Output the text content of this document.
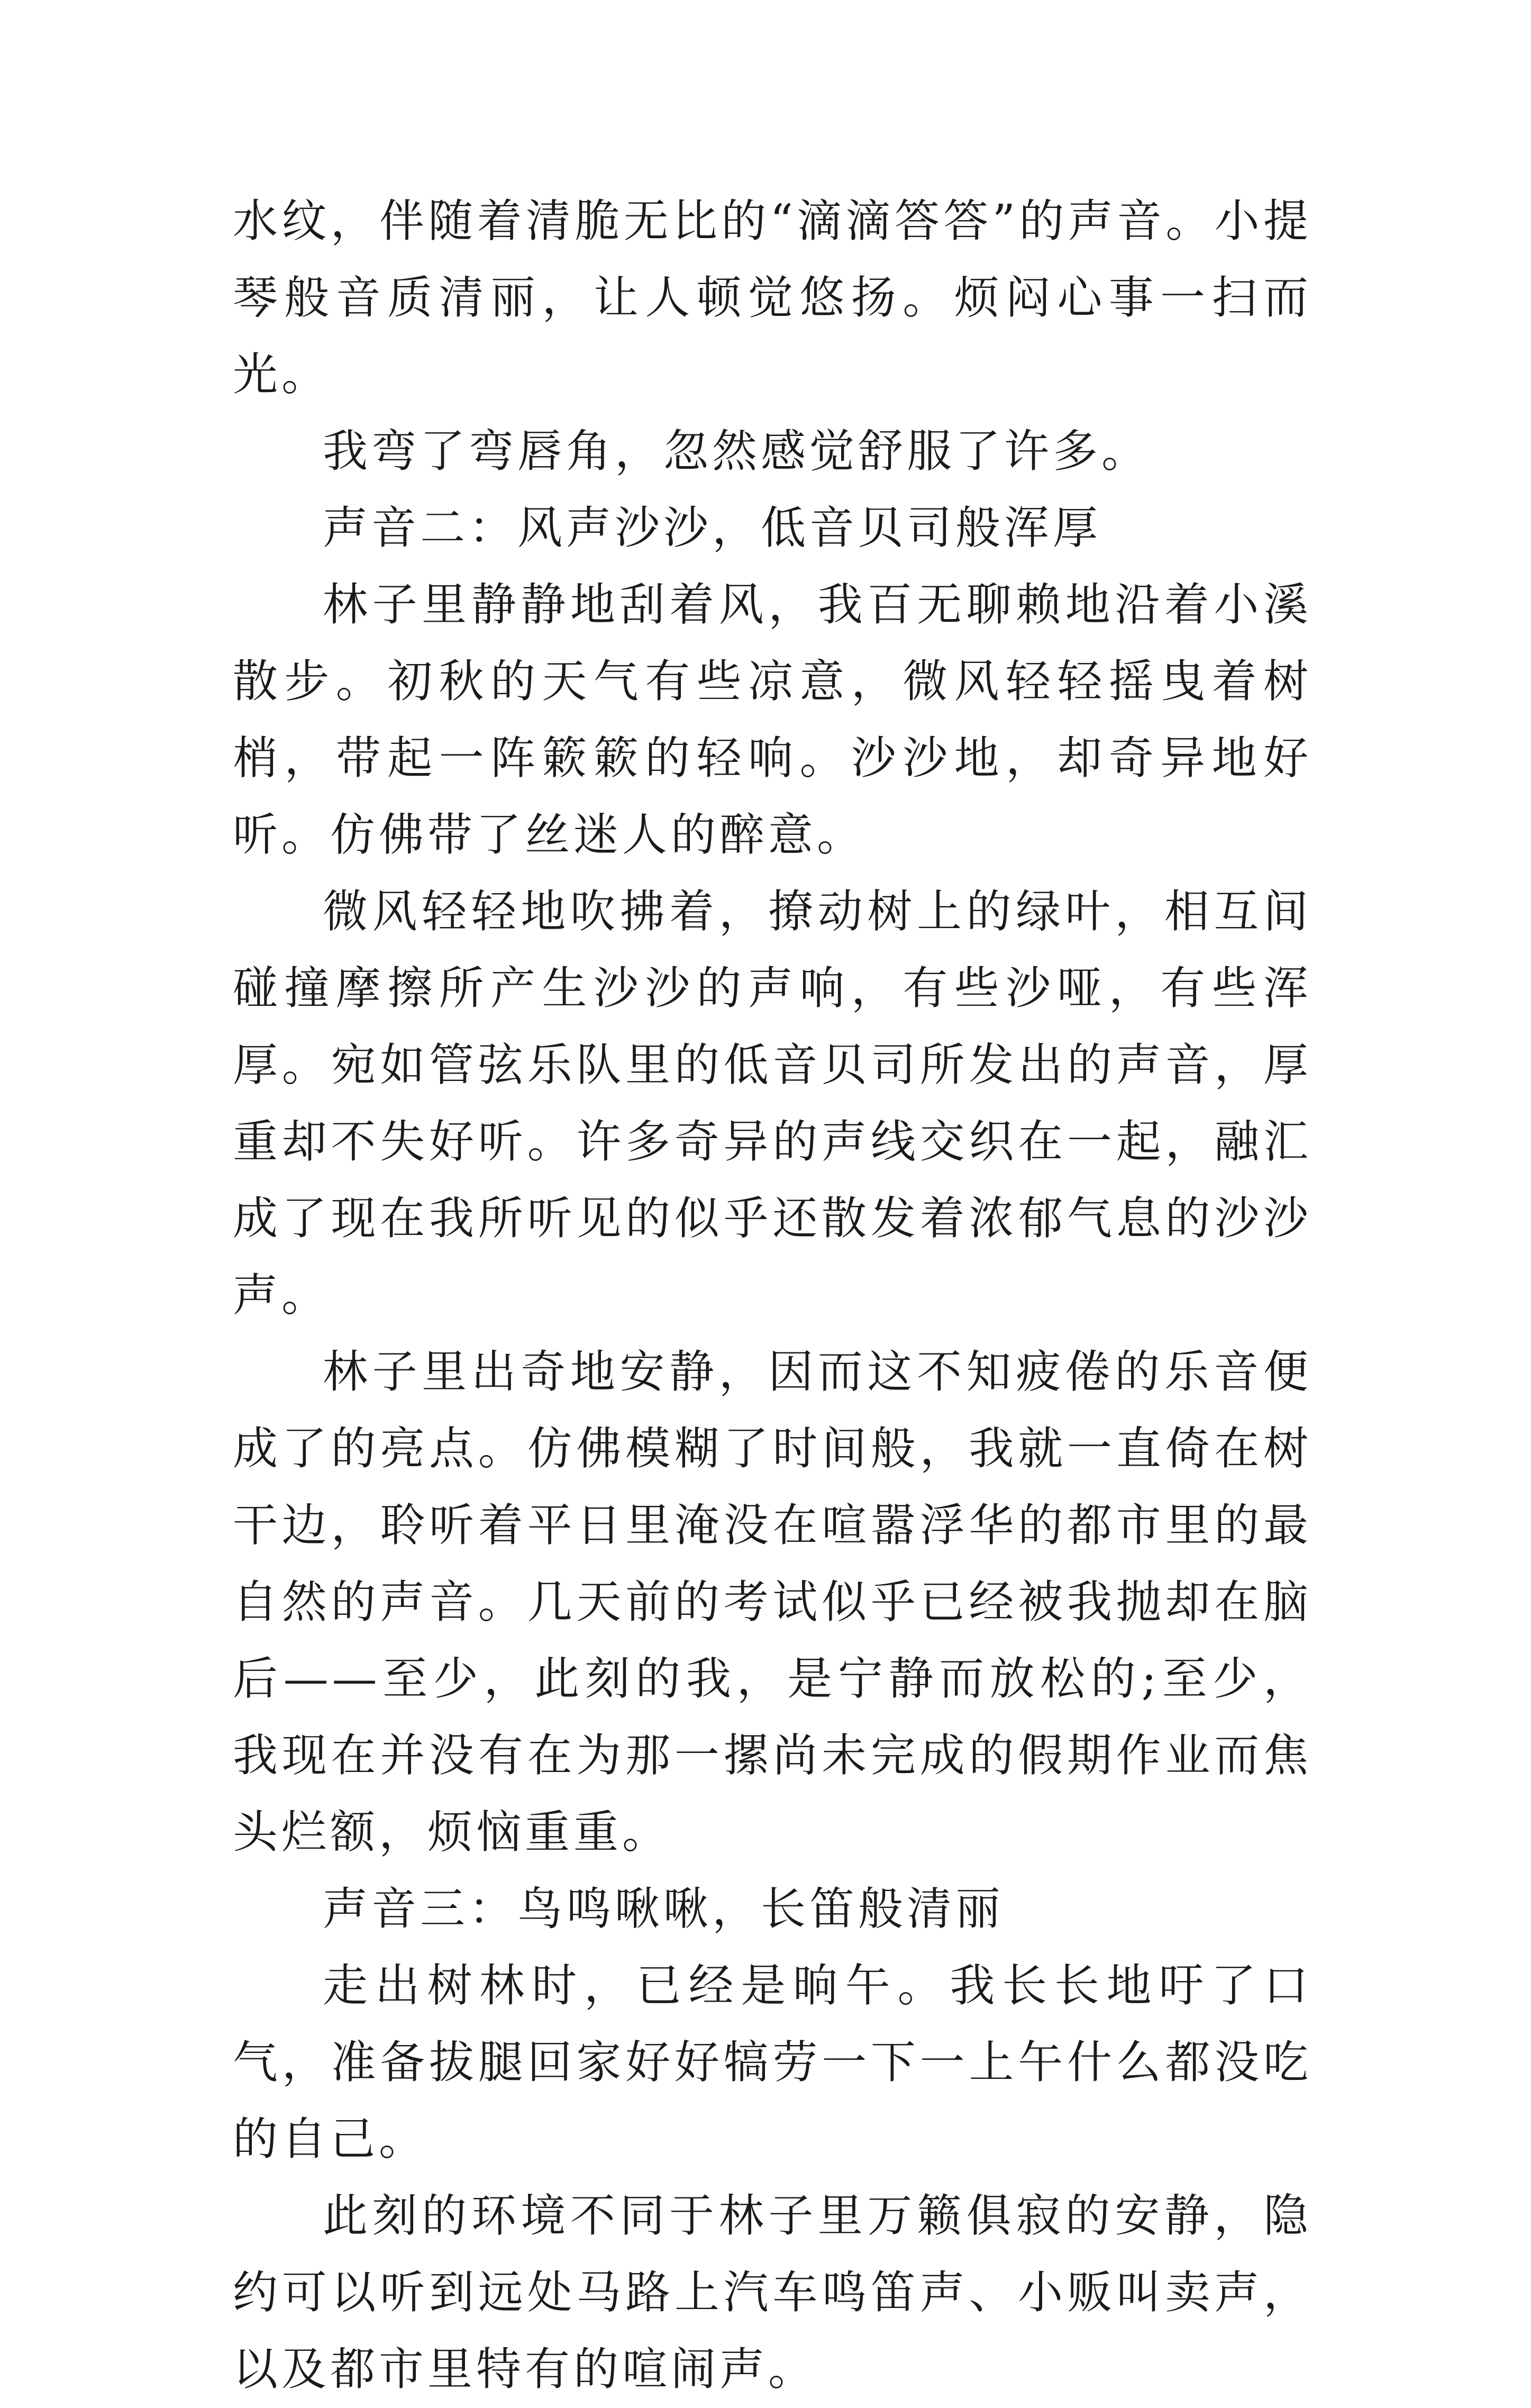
水纹，伴随着清脆无比的“滴滴答答”的声音。小提琴般音质清丽，让人顿觉悠扬。烦闷心事一扫而光。

我弯了弯唇角，忽然感觉舒服了许多。

声音二：风声沙沙，低音贝司般浑厚

林子里静静地刮着风，我百无聊赖地沿着小溪散步。初秋的天气有些凉意，微风轻轻摇曳着树梢，带起一阵簌簌的轻响。沙沙地，却奇异地好听。仿佛带了丝迷人的醉意。

微风轻轻地吹拂着，撩动树上的绿叶，相互间碰撞摩擦所产生沙沙的声响，有些沙哑，有些浑厚。宛如管弦乐队里的低音贝司所发出的声音，厚重却不失好听。许多奇异的声线交织在一起，融汇成了现在我所听见的似乎还散发着浓郁气息的沙沙声。

林子里出奇地安静，因而这不知疲倦的乐音便成了的亮点。仿佛模糊了时间般，我就一直倚在树干边，聆听着平日里淹没在喧嚣浮华的都市里的最自然的声音。几天前的考试似乎已经被我抛却在脑后——至少，此刻的我，是宁静而放松的;至少，我现在并没有在为那一摞尚未完成的假期作业而焦头烂额，烦恼重重。

声音三：鸟鸣啾啾，长笛般清丽

走出树林时，已经是晌午。我长长地吁了口气，准备拔腿回家好好犒劳一下一上午什么都没吃的自己。

此刻的环境不同于林子里万籁俱寂的安静，隐约可以听到远处马路上汽车鸣笛声、小贩叫卖声，以及都市里特有的喧闹声。
